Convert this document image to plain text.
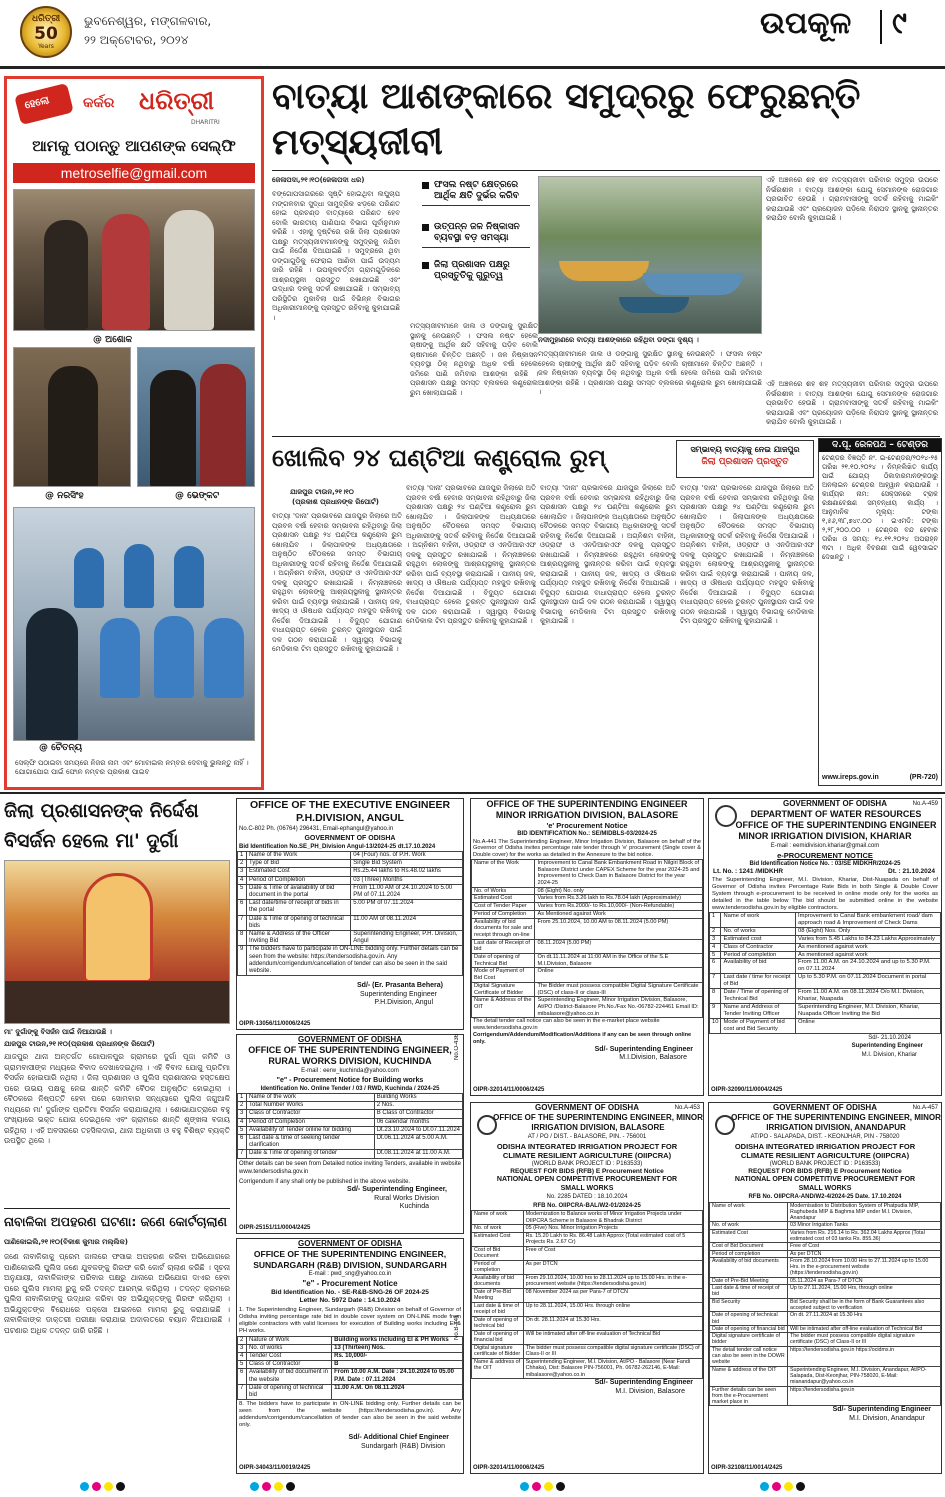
ଧରିତ୍ରୀ
50
Years
ଭୁବନେଶ୍ୱର, ମଙ୍ଗଳବାର,
୨୨ ଅକ୍ଟୋବର, ୨୦୨୪	ଉପକୂଳ ୯
ହେଲୋ କର୍କର ଧରିତ୍ରୀ
DHARITRI
ଆମକୁ ପଠାନ୍ତୁ ଆପଣଙ୍କ ସେଲ୍‌ଫି
metroselfie@gmail.com
@ ଅଶୋକ
@ ନରସିଂହ	@ ଭେଙ୍କଟ
@ ଚୈତନ୍ୟ
ସେଲ୍‌ଫି ପଠାଇବା ସମୟରେ ନିଜର ନାମ ଏବଂ ମୋବାଇଲ ନମ୍ବର ଦେବାକୁ ଭୁଲନ୍ତୁ ନାହିଁ । ଯୋଗାଯୋଗ ପାଇଁ ଫୋନ ନମ୍ବର ପ୍ରକାଶ ପାଇବ
ବାତ୍ୟା ଆଶଙ୍କାରେ ସମୁଦ୍ରରୁ ଫେରୁଛନ୍ତି ମତ୍ସ୍ୟଜୀବୀ
ଜେଳାପଦା,୨୧।୧୦(ଜେଳାପଦା ଧର)
ବଙ୍ଗୋପସାଗରରେ ସୃଷ୍ଟି ହୋଇଥିବା ଲଘୁଚାପ ମଙ୍ଗଳବାର ସୁଦ୍ଧା ସାମୁଦ୍ରିକ ଝଡ଼ରେ ପରିଣତ ହୋଇ ପ୍ରଚଣ୍ଡ ବାତ୍ୟାରେ ପରିଣତ ହେବ ବୋଲି ଭାରତୀୟ ପାଣିପାଗ ବିଭାଗ ପୂର୍ବାନୁମାନ କରିଛି । ଏହାକୁ ଦୃଷ୍ଟିରେ ରଖି ଜିଲା ପ୍ରଶାସନ ପକ୍ଷରୁ ମତ୍ସ୍ୟଜୀବୀମାନଙ୍କୁ ସମୁଦ୍ରକୁ ନଯିବା ପାଇଁ ନିର୍ଦ୍ଦେଶ ଦିଆଯାଇଛି । ସମୁଦ୍ରରେ ଥିବା ଡଙ୍ଗାଗୁଡ଼ିକୁ ଫେରାଇ ଆଣିବା ପାଇଁ ଉଦ୍ୟମ ଜାରି ରହିଛି । ଉପକୂଳବର୍ତ୍ତୀ ଗ୍ରାମଗୁଡ଼ିକରେ ଆଶ୍ରୟସ୍ଥଳୀ ପ୍ରସ୍ତୁତ ରଖାଯାଇଛି ଏବଂ ଉଦ୍ଧାର ଦଳକୁ ସତର୍କ ରଖାଯାଇଛି । ସମ୍ଭାବ୍ୟ ପରିସ୍ଥିତିର ମୁକାବିଲା ପାଇଁ ବିଭିନ୍ନ ବିଭାଗର ଅଧିକାରୀମାନଙ୍କୁ ପ୍ରସ୍ତୁତ ରହିବାକୁ କୁହାଯାଇଛି ।
ଫସଲ ନଷ୍ଟ କ୍ଷେତ୍ରରେ ଆର୍ଥିକ କ୍ଷତି ଦୁର୍ଭର କରିବ
ଉତ୍ପନ୍ନ ଜଳ ନିଷ୍କାସନ ବ୍ୟବସ୍ଥା ବଡ଼ ସମସ୍ୟା
ଜିଲା ପ୍ରଶାସନ ପକ୍ଷରୁ ପ୍ରସ୍ତୁତିକୁ ଗୁରୁତ୍ୱ
ମତ୍ସ୍ୟଜୀବୀମାନେ ଜାଲ ଓ ଡଙ୍ଗାକୁ ସୁରକ୍ଷିତ ସ୍ଥାନକୁ ନେଉଛନ୍ତି । ଫସଲ ନଷ୍ଟ ହେଲେ ଚାଷୀଙ୍କୁ ଆର୍ଥିକ କ୍ଷତି ସହିବାକୁ ପଡ଼ିବ ବୋଲି ଚାଷୀମାନେ ଚିନ୍ତିତ ଅଛନ୍ତି । ଜଳ ନିଷ୍କାସନ ବ୍ୟବସ୍ଥା ଠିକ୍ ନଥିବାରୁ ଅଧିକ ବର୍ଷା ହେଲେ ଜମିରେ ପାଣି ଜମିବାର ଆଶଙ୍କା ରହିଛି । ପ୍ରଶାସନ ପକ୍ଷରୁ ସମସ୍ତ ବ୍ଲକରେ କଣ୍ଟ୍ରୋଲ ରୁମ ଖୋଲାଯାଇଛି ।
ନଦୀମୁହାଣରେ ବାତ୍ୟା ଆଶଙ୍କାରେ ରହିଥିବା ଡଙ୍ଗା ଦୃଶ୍ୟ ।
ଏହି ଅଞ୍ଚଳରେ ଶହ ଶହ ମତ୍ସ୍ୟଜୀବୀ ପରିବାର ସମୁଦ୍ର ଉପରେ ନିର୍ଭରଶୀଳ । ବାତ୍ୟା ଆଶଙ୍କା ଯୋଗୁ ସେମାନଙ୍କ ରୋଜଗାର ପ୍ରଭାବିତ ହେଉଛି । ଗ୍ରାମବାସୀଙ୍କୁ ସତର୍କ ରହିବାକୁ ମାଇକିଂ କରାଯାଉଛି ଏବଂ ପ୍ରୟୋଜନ ପଡ଼ିଲେ ନିରାପଦ ସ୍ଥାନକୁ ସ୍ଥାନାନ୍ତର କରାଯିବ ବୋଲି କୁହାଯାଇଛି ।
ମତ୍ସ୍ୟଜୀବୀମାନେ ଜାଲ ଓ ଡଙ୍ଗାକୁ ସୁରକ୍ଷିତ ସ୍ଥାନକୁ ନେଉଛନ୍ତି । ଫସଲ ନଷ୍ଟ ହେଲେ ଚାଷୀଙ୍କୁ ଆର୍ଥିକ କ୍ଷତି ସହିବାକୁ ପଡ଼ିବ ବୋଲି ଚାଷୀମାନେ ଚିନ୍ତିତ ଅଛନ୍ତି । ଜଳ ନିଷ୍କାସନ ବ୍ୟବସ୍ଥା ଠିକ୍ ନଥିବାରୁ ଅଧିକ ବର୍ଷା ହେଲେ ଜମିରେ ପାଣି ଜମିବାର ଆଶଙ୍କା ରହିଛି । ପ୍ରଶାସନ ପକ୍ଷରୁ ସମସ୍ତ ବ୍ଲକରେ କଣ୍ଟ୍ରୋଲ ରୁମ ଖୋଲାଯାଇଛି ।
ଏହି ଅଞ୍ଚଳରେ ଶହ ଶହ ମତ୍ସ୍ୟଜୀବୀ ପରିବାର ସମୁଦ୍ର ଉପରେ ନିର୍ଭରଶୀଳ । ବାତ୍ୟା ଆଶଙ୍କା ଯୋଗୁ ସେମାନଙ୍କ ରୋଜଗାର ପ୍ରଭାବିତ ହେଉଛି । ଗ୍ରାମବାସୀଙ୍କୁ ସତର୍କ ରହିବାକୁ ମାଇକିଂ କରାଯାଉଛି ଏବଂ ପ୍ରୟୋଜନ ପଡ଼ିଲେ ନିରାପଦ ସ୍ଥାନକୁ ସ୍ଥାନାନ୍ତର କରାଯିବ ବୋଲି କୁହାଯାଇଛି ।
ଖୋଲିବ ୨୪ ଘଣ୍ଟିଆ କଣ୍ଟ୍ରୋଲ ରୁମ୍	ସମ୍ଭାବ୍ୟ ବାତ୍ୟାକୁ ନେଇ ଯାଜପୁର
ଜିଲା ପ୍ରଶାସନ ପ୍ରସ୍ତୁତ
ଯାଜପୁର ଟାଉନ,୨୧।୧୦
(ପ୍ରକାଶ ପ୍ରଧାନଙ୍କ ରିପୋର୍ଟ)
ବାତ୍ୟା 'ଦାନା' ପ୍ରଭାବରେ ଯାଜପୁର ଜିଲାରେ ଅତି ପ୍ରବଳ ବର୍ଷା ହେବାର ସମ୍ଭାବନା ରହିଥିବାରୁ ଜିଲା ପ୍ରଶାସନ ପକ୍ଷରୁ ୨୪ ଘଣ୍ଟିଆ କଣ୍ଟ୍ରୋଲ ରୁମ ଖୋଲାଯିବ । ଜିଲାପାଳଙ୍କ ଅଧ୍ୟକ୍ଷତାରେ ଅନୁଷ୍ଠିତ ବୈଠକରେ ସମସ୍ତ ବିଭାଗୀୟ ଅଧିକାରୀଙ୍କୁ ସତର୍କ ରହିବାକୁ ନିର୍ଦ୍ଦେଶ ଦିଆଯାଇଛି । ଅଗ୍ନିଶମ ବାହିନୀ, ଓଡ୍ରାଫ ଓ ଏନଡିଆରଏଫ ଦଳକୁ ପ୍ରସ୍ତୁତ ରଖାଯାଇଛି । ନିମ୍ନାଞ୍ଚଳରେ ରହୁଥିବା ଲୋକଙ୍କୁ ଆଶ୍ରୟସ୍ଥଳୀକୁ ସ୍ଥାନାନ୍ତର କରିବା ପାଇଁ ବ୍ୟବସ୍ଥା କରାଯାଇଛି । ପାନୀୟ ଜଳ, ଖାଦ୍ୟ ଓ ଔଷଧର ପର୍ଯ୍ୟାପ୍ତ ମହଜୁଦ ରଖିବାକୁ ନିର୍ଦ୍ଦେଶ ଦିଆଯାଇଛି । ବିଦ୍ୟୁତ ଯୋଗାଣ ବାଧାପ୍ରାପ୍ତ ହେଲେ ତୁରନ୍ତ ପୁନଃସ୍ଥାପନ ପାଇଁ ଦଳ ଗଠନ କରାଯାଇଛି । ସ୍ୱାସ୍ଥ୍ୟ ବିଭାଗକୁ ମେଡିକାଲ ଟିମ ପ୍ରସ୍ତୁତ ରଖିବାକୁ କୁହାଯାଇଛି ।
ବାତ୍ୟା 'ଦାନା' ପ୍ରଭାବରେ ଯାଜପୁର ଜିଲାରେ ଅତି ପ୍ରବଳ ବର୍ଷା ହେବାର ସମ୍ଭାବନା ରହିଥିବାରୁ ଜିଲା ପ୍ରଶାସନ ପକ୍ଷରୁ ୨୪ ଘଣ୍ଟିଆ କଣ୍ଟ୍ରୋଲ ରୁମ ଖୋଲାଯିବ । ଜିଲାପାଳଙ୍କ ଅଧ୍ୟକ୍ଷତାରେ ଅନୁଷ୍ଠିତ ବୈଠକରେ ସମସ୍ତ ବିଭାଗୀୟ ଅଧିକାରୀଙ୍କୁ ସତର୍କ ରହିବାକୁ ନିର୍ଦ୍ଦେଶ ଦିଆଯାଇଛି । ଅଗ୍ନିଶମ ବାହିନୀ, ଓଡ୍ରାଫ ଓ ଏନଡିଆରଏଫ ଦଳକୁ ପ୍ରସ୍ତୁତ ରଖାଯାଇଛି । ନିମ୍ନାଞ୍ଚଳରେ ରହୁଥିବା ଲୋକଙ୍କୁ ଆଶ୍ରୟସ୍ଥଳୀକୁ ସ୍ଥାନାନ୍ତର କରିବା ପାଇଁ ବ୍ୟବସ୍ଥା କରାଯାଇଛି । ପାନୀୟ ଜଳ, ଖାଦ୍ୟ ଓ ଔଷଧର ପର୍ଯ୍ୟାପ୍ତ ମହଜୁଦ ରଖିବାକୁ ନିର୍ଦ୍ଦେଶ ଦିଆଯାଇଛି । ବିଦ୍ୟୁତ ଯୋଗାଣ ବାଧାପ୍ରାପ୍ତ ହେଲେ ତୁରନ୍ତ ପୁନଃସ୍ଥାପନ ପାଇଁ ଦଳ ଗଠନ କରାଯାଇଛି । ସ୍ୱାସ୍ଥ୍ୟ ବିଭାଗକୁ ମେଡିକାଲ ଟିମ ପ୍ରସ୍ତୁତ ରଖିବାକୁ କୁହାଯାଇଛି ।
ବାତ୍ୟା 'ଦାନା' ପ୍ରଭାବରେ ଯାଜପୁର ଜିଲାରେ ଅତି ପ୍ରବଳ ବର୍ଷା ହେବାର ସମ୍ଭାବନା ରହିଥିବାରୁ ଜିଲା ପ୍ରଶାସନ ପକ୍ଷରୁ ୨୪ ଘଣ୍ଟିଆ କଣ୍ଟ୍ରୋଲ ରୁମ ଖୋଲାଯିବ । ଜିଲାପାଳଙ୍କ ଅଧ୍ୟକ୍ଷତାରେ ଅନୁଷ୍ଠିତ ବୈଠକରେ ସମସ୍ତ ବିଭାଗୀୟ ଅଧିକାରୀଙ୍କୁ ସତର୍କ ରହିବାକୁ ନିର୍ଦ୍ଦେଶ ଦିଆଯାଇଛି । ଅଗ୍ନିଶମ ବାହିନୀ, ଓଡ୍ରାଫ ଓ ଏନଡିଆରଏଫ ଦଳକୁ ପ୍ରସ୍ତୁତ ରଖାଯାଇଛି । ନିମ୍ନାଞ୍ଚଳରେ ରହୁଥିବା ଲୋକଙ୍କୁ ଆଶ୍ରୟସ୍ଥଳୀକୁ ସ୍ଥାନାନ୍ତର କରିବା ପାଇଁ ବ୍ୟବସ୍ଥା କରାଯାଇଛି । ପାନୀୟ ଜଳ, ଖାଦ୍ୟ ଓ ଔଷଧର ପର୍ଯ୍ୟାପ୍ତ ମହଜୁଦ ରଖିବାକୁ ନିର୍ଦ୍ଦେଶ ଦିଆଯାଇଛି । ବିଦ୍ୟୁତ ଯୋଗାଣ ବାଧାପ୍ରାପ୍ତ ହେଲେ ତୁରନ୍ତ ପୁନଃସ୍ଥାପନ ପାଇଁ ଦଳ ଗଠନ କରାଯାଇଛି । ସ୍ୱାସ୍ଥ୍ୟ ବିଭାଗକୁ ମେଡିକାଲ ଟିମ ପ୍ରସ୍ତୁତ ରଖିବାକୁ କୁହାଯାଇଛି ।
ବାତ୍ୟା 'ଦାନା' ପ୍ରଭାବରେ ଯାଜପୁର ଜିଲାରେ ଅତି ପ୍ରବଳ ବର୍ଷା ହେବାର ସମ୍ଭାବନା ରହିଥିବାରୁ ଜିଲା ପ୍ରଶାସନ ପକ୍ଷରୁ ୨୪ ଘଣ୍ଟିଆ କଣ୍ଟ୍ରୋଲ ରୁମ ଖୋଲାଯିବ । ଜିଲାପାଳଙ୍କ ଅଧ୍ୟକ୍ଷତାରେ ଅନୁଷ୍ଠିତ ବୈଠକରେ ସମସ୍ତ ବିଭାଗୀୟ ଅଧିକାରୀଙ୍କୁ ସତର୍କ ରହିବାକୁ ନିର୍ଦ୍ଦେଶ ଦିଆଯାଇଛି । ଅଗ୍ନିଶମ ବାହିନୀ, ଓଡ୍ରାଫ ଓ ଏନଡିଆରଏଫ ଦଳକୁ ପ୍ରସ୍ତୁତ ରଖାଯାଇଛି । ନିମ୍ନାଞ୍ଚଳରେ ରହୁଥିବା ଲୋକଙ୍କୁ ଆଶ୍ରୟସ୍ଥଳୀକୁ ସ୍ଥାନାନ୍ତର କରିବା ପାଇଁ ବ୍ୟବସ୍ଥା କରାଯାଇଛି । ପାନୀୟ ଜଳ, ଖାଦ୍ୟ ଓ ଔଷଧର ପର୍ଯ୍ୟାପ୍ତ ମହଜୁଦ ରଖିବାକୁ ନିର୍ଦ୍ଦେଶ ଦିଆଯାଇଛି । ବିଦ୍ୟୁତ ଯୋଗାଣ ବାଧାପ୍ରାପ୍ତ ହେଲେ ତୁରନ୍ତ ପୁନଃସ୍ଥାପନ ପାଇଁ ଦଳ ଗଠନ କରାଯାଇଛି । ସ୍ୱାସ୍ଥ୍ୟ ବିଭାଗକୁ ମେଡିକାଲ ଟିମ ପ୍ରସ୍ତୁତ ରଖିବାକୁ କୁହାଯାଇଛି ।
ଦ.ପୂ. ରେଳପଥ – ଟେଣ୍ଡର
ଟେଣ୍ଡର ବିଜ୍ଞପ୍ତି ନଂ. ଇ-ଟେଣ୍ଡର/୨୦୨୪-୨୫ ତାରିଖ ୨୧.୧୦.୨୦୨୪ । ନିମ୍ନଲିଖିତ କାର୍ଯ୍ୟ ପାଇଁ ଯୋଗ୍ୟ ଠିକାଦାରମାନଙ୍କଠାରୁ ଅନଲାଇନ ଟେଣ୍ଡର ଆହ୍ୱାନ କରାଯାଉଛି । କାର୍ଯ୍ୟର ନାମ: ସେକ୍ସନରେ ଟ୍ରାକ ରକ୍ଷଣାବେକ୍ଷଣ ସମ୍ବନ୍ଧୀୟ କାର୍ଯ୍ୟ । ଆନୁମାନିକ ମୂଲ୍ୟ: ଟଙ୍କା ୧,୫୬,୩୮,୭୪୯.୦୦ । ଇଏମଡି: ଟଙ୍କା ୨,୨୮,୨୦୦.୦୦ । ଟେଣ୍ଡର ବନ୍ଦ ହେବାର ତାରିଖ ଓ ସମୟ: ୧୪.୧୧.୨୦୨୪ ଅପରାହ୍ନ ୩ଟା । ଅଧିକ ବିବରଣୀ ପାଇଁ ୱେବସାଇଟ ଦେଖନ୍ତୁ ।
www.ireps.gov.in	(PR-720)
ଜିଲା ପ୍ରଶାସନଙ୍କ ନିର୍ଦ୍ଦେଶ
ବିସର୍ଜନ ହେଲେ ମା' ଦୁର୍ଗା
ମା' ଦୁର୍ଗାଙ୍କୁ ବିସର୍ଜନ ପାଇଁ ନିଆଯାଉଛି ।
ଯାଜପୁର ଟାଉନ,୨୧।୧୦(ପ୍ରକାଶ ପ୍ରଧାନଙ୍କ ରିପୋର୍ଟ)
ଯାଜପୁର ଥାନା ଅନ୍ତର୍ଗତ ଗୋପାଳପୁର ଗ୍ରାମରେ ଦୁର୍ଗା ପୂଜା କମିଟି ଓ ଗ୍ରାମବାସୀଙ୍କ ମଧ୍ୟରେ ବିବାଦ ଦେଖାଦେଇଥିଲା । ଏହି ବିବାଦ ଯୋଗୁ ପ୍ରତିମା ବିସର୍ଜନ ହୋଇପାରି ନଥିଲା । ଜିଲା ପ୍ରଶାସନ ଓ ପୁଲିସ ପ୍ରଶାସନର ହସ୍ତକ୍ଷେପ ପରେ ଉଭୟ ପକ୍ଷକୁ ନେଇ ଶାନ୍ତି କମିଟି ବୈଠକ ଅନୁଷ୍ଠିତ ହୋଇଥିଲା । ବୈଠକରେ ନିଷ୍ପତ୍ତି ହେବା ପରେ ସୋମବାର ସନ୍ଧ୍ୟାରେ ପୁଲିସ ଜଗୁଆଳି ମଧ୍ୟରେ ମା' ଦୁର୍ଗାଙ୍କ ପ୍ରତିମା ବିସର୍ଜନ କରାଯାଇଥିଲା । ଶୋଭାଯାତ୍ରାରେ ବହୁ ସଂଖ୍ୟାରେ ଭକ୍ତ ଯୋଗ ଦେଇଥିଲେ ଏବଂ ଗ୍ରାମରେ ଶାନ୍ତି ଶୃଙ୍ଖଳା ବଜାୟ ରହିଥିଲା । ଏହି ଅବସରରେ ତହସିଲଦାର, ଥାନା ଅଧିକାରୀ ଓ ବହୁ ବିଶିଷ୍ଟ ବ୍ୟକ୍ତି ଉପସ୍ଥିତ ଥିଲେ ।
ନାବାଳିକା ଅପହରଣ ଘଟଣା: ଜଣେ କୋର୍ଟଚାଲାଣ
ପାଣିକୋଇଲି,୨୧।୧୦(ବିକାଶ କୁମାର ମଲ୍ଲିକ)
ଜଣେ ନାବାଳିକାକୁ ପ୍ରେମ ଜାଲରେ ଫସାଇ ଅପହରଣ କରିବା ଅଭିଯୋଗରେ ପାଣିକୋଇଲି ପୁଲିସ ଜଣେ ଯୁବକଙ୍କୁ ଗିରଫ କରି କୋର୍ଟ ଚାଲାଣ କରିଛି । ସୂଚନା ଅନୁଯାୟୀ, ନାବାଳିକାଙ୍କ ପରିବାର ପକ୍ଷରୁ ଥାନାରେ ଅଭିଯୋଗ ଦାଏର ହେବା ପରେ ପୁଲିସ ମାମଲା ରୁଜୁ କରି ତଦନ୍ତ ଆରମ୍ଭ କରିଥିଲା । ତଦନ୍ତ କ୍ରମରେ ପୁଲିସ ନାବାଳିକାଙ୍କୁ ଉଦ୍ଧାର କରିବା ସହ ଅଭିଯୁକ୍ତଙ୍କୁ ଗିରଫ କରିଥିଲା । ଅଭିଯୁକ୍ତଙ୍କ ବିରୋଧରେ ପକ୍ସୋ ଆଇନରେ ମାମଲା ରୁଜୁ କରାଯାଇଛି । ନାବାଳିକାଙ୍କ ଡାକ୍ତରୀ ପରୀକ୍ଷା କରାଯାଇ ଅଦାଲତରେ ବୟାନ ନିଆଯାଇଛି । ଘଟଣାର ଅଧିକ ତଦନ୍ତ ଜାରି ରହିଛି ।
OFFICE OF THE EXECUTIVE ENGINEER
P.H.DIVISION, ANGUL
No.C-802 Ph. (06764) 296431, Email-ephangul@yahoo.in
GOVERNMENT OF ODISHA
Bid Identification No.SE_PH_Division Angul-13/2024-25 dt.17.10.2024
1	Name of the Work	04 (Four) nos. of P.H. Work
2	Type of Bid	Single Bid System
3	Estimated Cost	Rs.25.44 lakhs to Rs.48.02 lakhs
4	Period of Completion	03 (Three) Months
5	Date & Time of availability of bid document in the portal	From 11.00 AM of 24.10.2024 to 5.00 PM of 07.11.2024
6	Last date/time of receipt of bids in the portal	5.00 PM of 07.11.2024
7	Date & Time of opening of technical bids	11.00 AM of 08.11.2024
8	Name & Address of the Officer Inviting Bid	Superintending Engineer, P.H. Division, Angul
9	The bidders have to participate in ON-LINE bidding only. Further details can be seen from the website: https://tendersodisha.gov.in. Any addendum/corrigendum/cancellation of tender can also be seen in the said website.	
Sd/- (Er. Prasanta Behera)
Superintending Engineer
P.H.Division, Angul
OIPR-13056/11/0006/2425
GOVERNMENT OF ODISHA
OFFICE OF THE SUPERINTENDING ENGINEER,
RURAL WORKS DIVISION, KUCHINDA
E-mail : eerw_kuchinda@yahoo.com
"e" - Procurement Notice for Building works
Identification No. Online Tender / 03 / RWD, Kuchinda / 2024-25
1	Name of the work	Building Works
2	Total Number Works	2 Nos.
3	Class of Contractor	B Class of Contractor
4	Period of Completion	06 calendar months
5	Availability of Tender online for bidding	Dt.23.10.2024 to Dt.07.11.2024
6	Last date & time of seeking tender clarification	Dt.06.11.2024 at 5.00 A.M.
7	Date & Time of opening of tender	Dt.08.11.2024 at 11.00 A.M.
Other details can be seen from Detailed notice inviting Tenders, available in website www.tendersodisha.gov.in
Corrigendum if any shall only be published in the above website.
Sd/- Superintending Engineer,
Rural Works Division
Kuchinda
OIPR-25151/11/0004/2425
No.O-436
GOVERNMENT OF ODISHA
OFFICE OF THE SUPERINTENDING ENGINEER,
SUNDARGARH (R&B) DIVISION, SUNDARGARH
E-mail : pwd_sng@yahoo.co.in
"e" - Procurement Notice
Bid Identification No. - SE-R&B-SNG-26 OF 2024-25
Letter No. 5972 Date : 14.10.2024
1. The Superintending Engineer, Sundargarh (R&B) Division on behalf of Governor of Odisha inviting percentage rate bid in double cover system on ON-LINE mode from eligible contractors with valid licenses for execution of Building works including El & PH works.
2	Nature of Work	Building works including EI & PH Works
3	No. of works	13 (Thirteen) Nos.
4	Tender Cost	Rs. 10,000/-
5	Class of Contractor	B
6	Availability of bid document in the website	From 10.00 A.M. Date : 24.10.2024 to 05.00 P.M. Date : 07.11.2024
7	Date of opening of technical bid	11.00 A.M. On 08.11.2024
8. The bidders have to participate in ON-LINE bidding only. Further details can be seen from the website (https://tendersodisha.gov.in). Any addendum/corrigendum/cancellation of tender can also be seen in the said website only.
Sd/- Additional Chief Engineer
Sundargarh (R&B) Division
OIPR-34043/11/0019/2425
No.B-441
OFFICE OF THE SUPERINTENDING ENGINEER
MINOR IRRIGATION DIVISION, BALASORE
'e' Procurement Notice
BID IDENTIFICATION No.: SE/MIDBLS-03/2024-25
No.A-441 The Superintending Engineer, Minor Irrigation Division, Balasore on behalf of the Governor of Odisha invites percentage rate tender through 'e' procurement (Single cover & Double cover) for the works as detailed in the Annexure to the bid notice.
Name of the Work	Improvement to Canal Bank Embankment Road in Nilgiri Block of Balasore District under CAPEX Scheme for the year 2024-25 and Improvement to Check Dam in Balasore District for the year 2024-25
No. of Works	08 (Eight) No. only
Estimated Cost	Varies from Rs.3.26 lakh to Rs.78.04 lakh (Approximately)
Cost of Tender Paper	Varies from Rs.2000/- to Rs.10,000/- (Non-Refundable)
Period of Completion	As Mentioned against Work
Availability of bid documents for sale and receipt through on-line	From 25.10.2024, 10.00 AM to 08.11.2024 (5.00 PM)
Last date of Receipt of bid	08.11.2024 (5.00 PM)
Date of opening of Technical Bid	On dt.11.11.2024 at 11:00 AM in the Office of the S.E M.I.Division, Balasore
Mode of Payment of Bid Cost	Online
Digital Signature Certificate of Bidder	The Bidder must possess compatible Digital Signature Certificate (DSC) of class-II or class-III
Name & Address of the OIT	Superintending Engineer, Minor Irrigation Division, Balasore, At/PO /District-Balasore Ph.No./Fax No.-06782-224461 Email ID: mibalasore@yahoo.co.in
The detail tender call notice can also be seen in the e-market place website www.tendersodisha.gov.in
Corrigendum/Addendum/Modification/Additions if any can be seen through online only.
Sd/- Superintending Engineer
M.I.Division, Balasore
OIPR-32014/11/0006/2425
GOVERNMENT OF ODISHA	No.A-453
OFFICE OF THE SUPERINTENDING ENGINEER, MINOR
IRRIGATION DIVISION, BALASORE
AT / PO / DIST. - BALASORE, PIN. - 756001
ODISHA INTEGRATED IRRIGATION PROJECT FOR
CLIMATE RESILIENT AGRICULTURE (OIIPCRA)
(WORLD BANK PROJECT ID : P163533)
REQUEST FOR BIDS (RFB) E Procurement Notice
NATIONAL OPEN COMPETITIVE PROCUREMENT FOR
SMALL WORKS
No. 2285 DATED : 18.10.2024
RFB No. OIIPCRA-BAL/W2-01/2024-25
Name of work	Modernization to Balance works of Minor Irrigation Projects under OIIPCRA Scheme in Balasore & Bhadrak District
No. of work	05 (Five) Nos. Minor Irrigation Projects
Estimated Cost	Rs. 15.20 Lakh to Rs. 86.48 Lakh Approx (Total estimated cost of 5 Projects Rs. 2.67 Cr)
Cost of Bid Document	Free of Cost
Period of completion	As per DTCN
Availability of bid documents	From 29.10.2024, 10.00 hrs to 28.11.2024 up to 15.00 Hrs. in the e-procurement website (https://tendersodisha.gov.in)
Date of Pre-Bid Meeting	08 November 2024 as per Para-7 of DTCN
Last date & time of receipt of bid	Up to 28.11.2024, 15.00 Hrs. through online
Date of opening of technical bid	On dt. 28.11.2024 at 15.30 Hrs.
Date of opening of financial bid	Will be intimated after off-line evaluation of Technical Bid
Digital signature certificate of Bidder	The bidder must possess compatible digital signature certificate (DSC) of Class-II or III
Name & address of the OIT	Superintending Engineer, M.I. Division, At/PO - Balasore (Near Fandi Chhaka), Dist: Balasore PIN-756001, Ph. 06782-262146, E-Mail: mibalasore@yahoo.co.in
Sd/- Superintending Engineer
M.I. Division, Balasore
OIPR-32014/11/0006/2425
GOVERNMENT OF ODISHA	No.A-459
DEPARTMENT OF WATER RESOURCES
OFFICE OF THE SUPERINTENDING ENGINEER
MINOR IRRIGATION DIVISION, KHARIAR
E-mail : eemidivision.khariar@gmail.com
e-PROCUREMENT NOTICE
Bid Identification Notice No. : 03/SE MIDKHR/2024-25
Lt. No. : 1241 /MIDKHR	Dt. : 21.10.2024
The Superintending Engineer, M.I. Division, Khariar, Dist-Nuapada on behalf of Governor of Odisha invites Percentage Rate Bids in both Single & Double Cover System through e-procurement to be received in online mode only for the works as detailed in the table below The bid should be submitted online in the website www.tendersodisha.gov.in by eligible contractors.
1	Name of work	Improvement to Canal Bank embankment road/ dam approach road & Improvement of Check Dams
2	No. of works	08 (Eight) Nos. Only
3	Estimated cost	Varies from 5.45 Lakhs to 84.23 Lakhs Approximately
4	Class of Contractor	As mentioned against work
5	Period of completion	As mentioned against work
6	Availability of bid	From 11.00 A.M. on 24.10.2024 and up to 5.30 P.M. on 07.11.2024
7	Last date / time for receipt of Bid	Up to 5.30 P.M. on 07.11.2024 Document in portal
8	Date / Time of opening of Technical Bid	From 11.00 A.M. on 08.11.2024 O/o M.I. Division, Khariar, Nuapada
9	Name and Address of Tender Inviting Officer	Superintending Engineer, M.I. Division, Khariar, Nuapada Officer Inviting the Bid
10	Mode of Payment of bid cost and Bid Security	Online
Sd/- 21.10.2024
Superintending Engineer
M.I. Division, Khariar
OIPR-32090/11/0004/2425
GOVERNMENT OF ODISHA	No.A-457
OFFICE OF THE SUPERINTENDING ENGINEER, MINOR
IRRIGATION DIVISION, ANANDAPUR
AT/PO - SALAPADA, DIST. - KEONJHAR, PIN - 758020
ODISHA INTEGRATED IRRIGATION PROJECT FOR
CLIMATE RESILIENT AGRICULTURE (OIIPCRA)
(WORLD BANK PROJECT ID : P163533)
REQUEST FOR BIDS (RFB) E Procurement Notice
NATIONAL OPEN COMPETITIVE PROCUREMENT FOR
SMALL WORKS
RFB No. OIIPCRA-AND/W2-4/2024-25 Date. 17.10.2024
Name of work	Modernisation to Distribution System of Phatpudia MIP, Raghubeda MIP & Baghma MIP under M.I. Division, Anandapur
No. of work	03 Minor Irrigation Tanks
Estimated Cost	Varies from Rs. 216.14 to Rs. 362.04 Lakhs Approx (Total estimated cost of 03 tanks Rs. 855.36)
Cost of Bid Document	Free of Cost
Period of completion	As per DTCN
Availability of bid documents	From 28.10.2024 from 10.00 Hrs to 27.11.2024 up to 15.00 Hrs. in the e-procurement website (https://tendersodisha.gov.in)
Date of Pre-Bid Meeting	05.11.2024 as Para-7 of DTCN
Last date & time of receipt of bid	Up to 27.11.2024, 15.00 Hrs, through online
Bid Security	Bid Security shall be in the form of Bank Guarantees also accepted subject to verification
Date of opening of technical bid	On dt. 27.11.2024 at 15.30 Hrs
Date of opening of financial bid	Will be intimated after off-line evaluation of Technical Bid
Digital signature certificate of bidder	The bidder must possess compatible digital signature certificate (DSC) of Class-II or III
The detail tender call notice can also be seen in the DOWR website	https://tendersodisha.gov.in https://ocidms.in
Name & address of the OIT	Superintending Engineer, M.I. Division, Anandapur, At/PO-Salapada, Dist-Keonjhar, PIN-758020, E-Mail: mianandapur@yahoo.co.in
Further details can be seen from the e-Procurement market place in	https://tendersodisha.gov.in
Sd/- Superintending Engineer
M.I. Division, Anandapur
OIPR-32108/11/0014/2425
